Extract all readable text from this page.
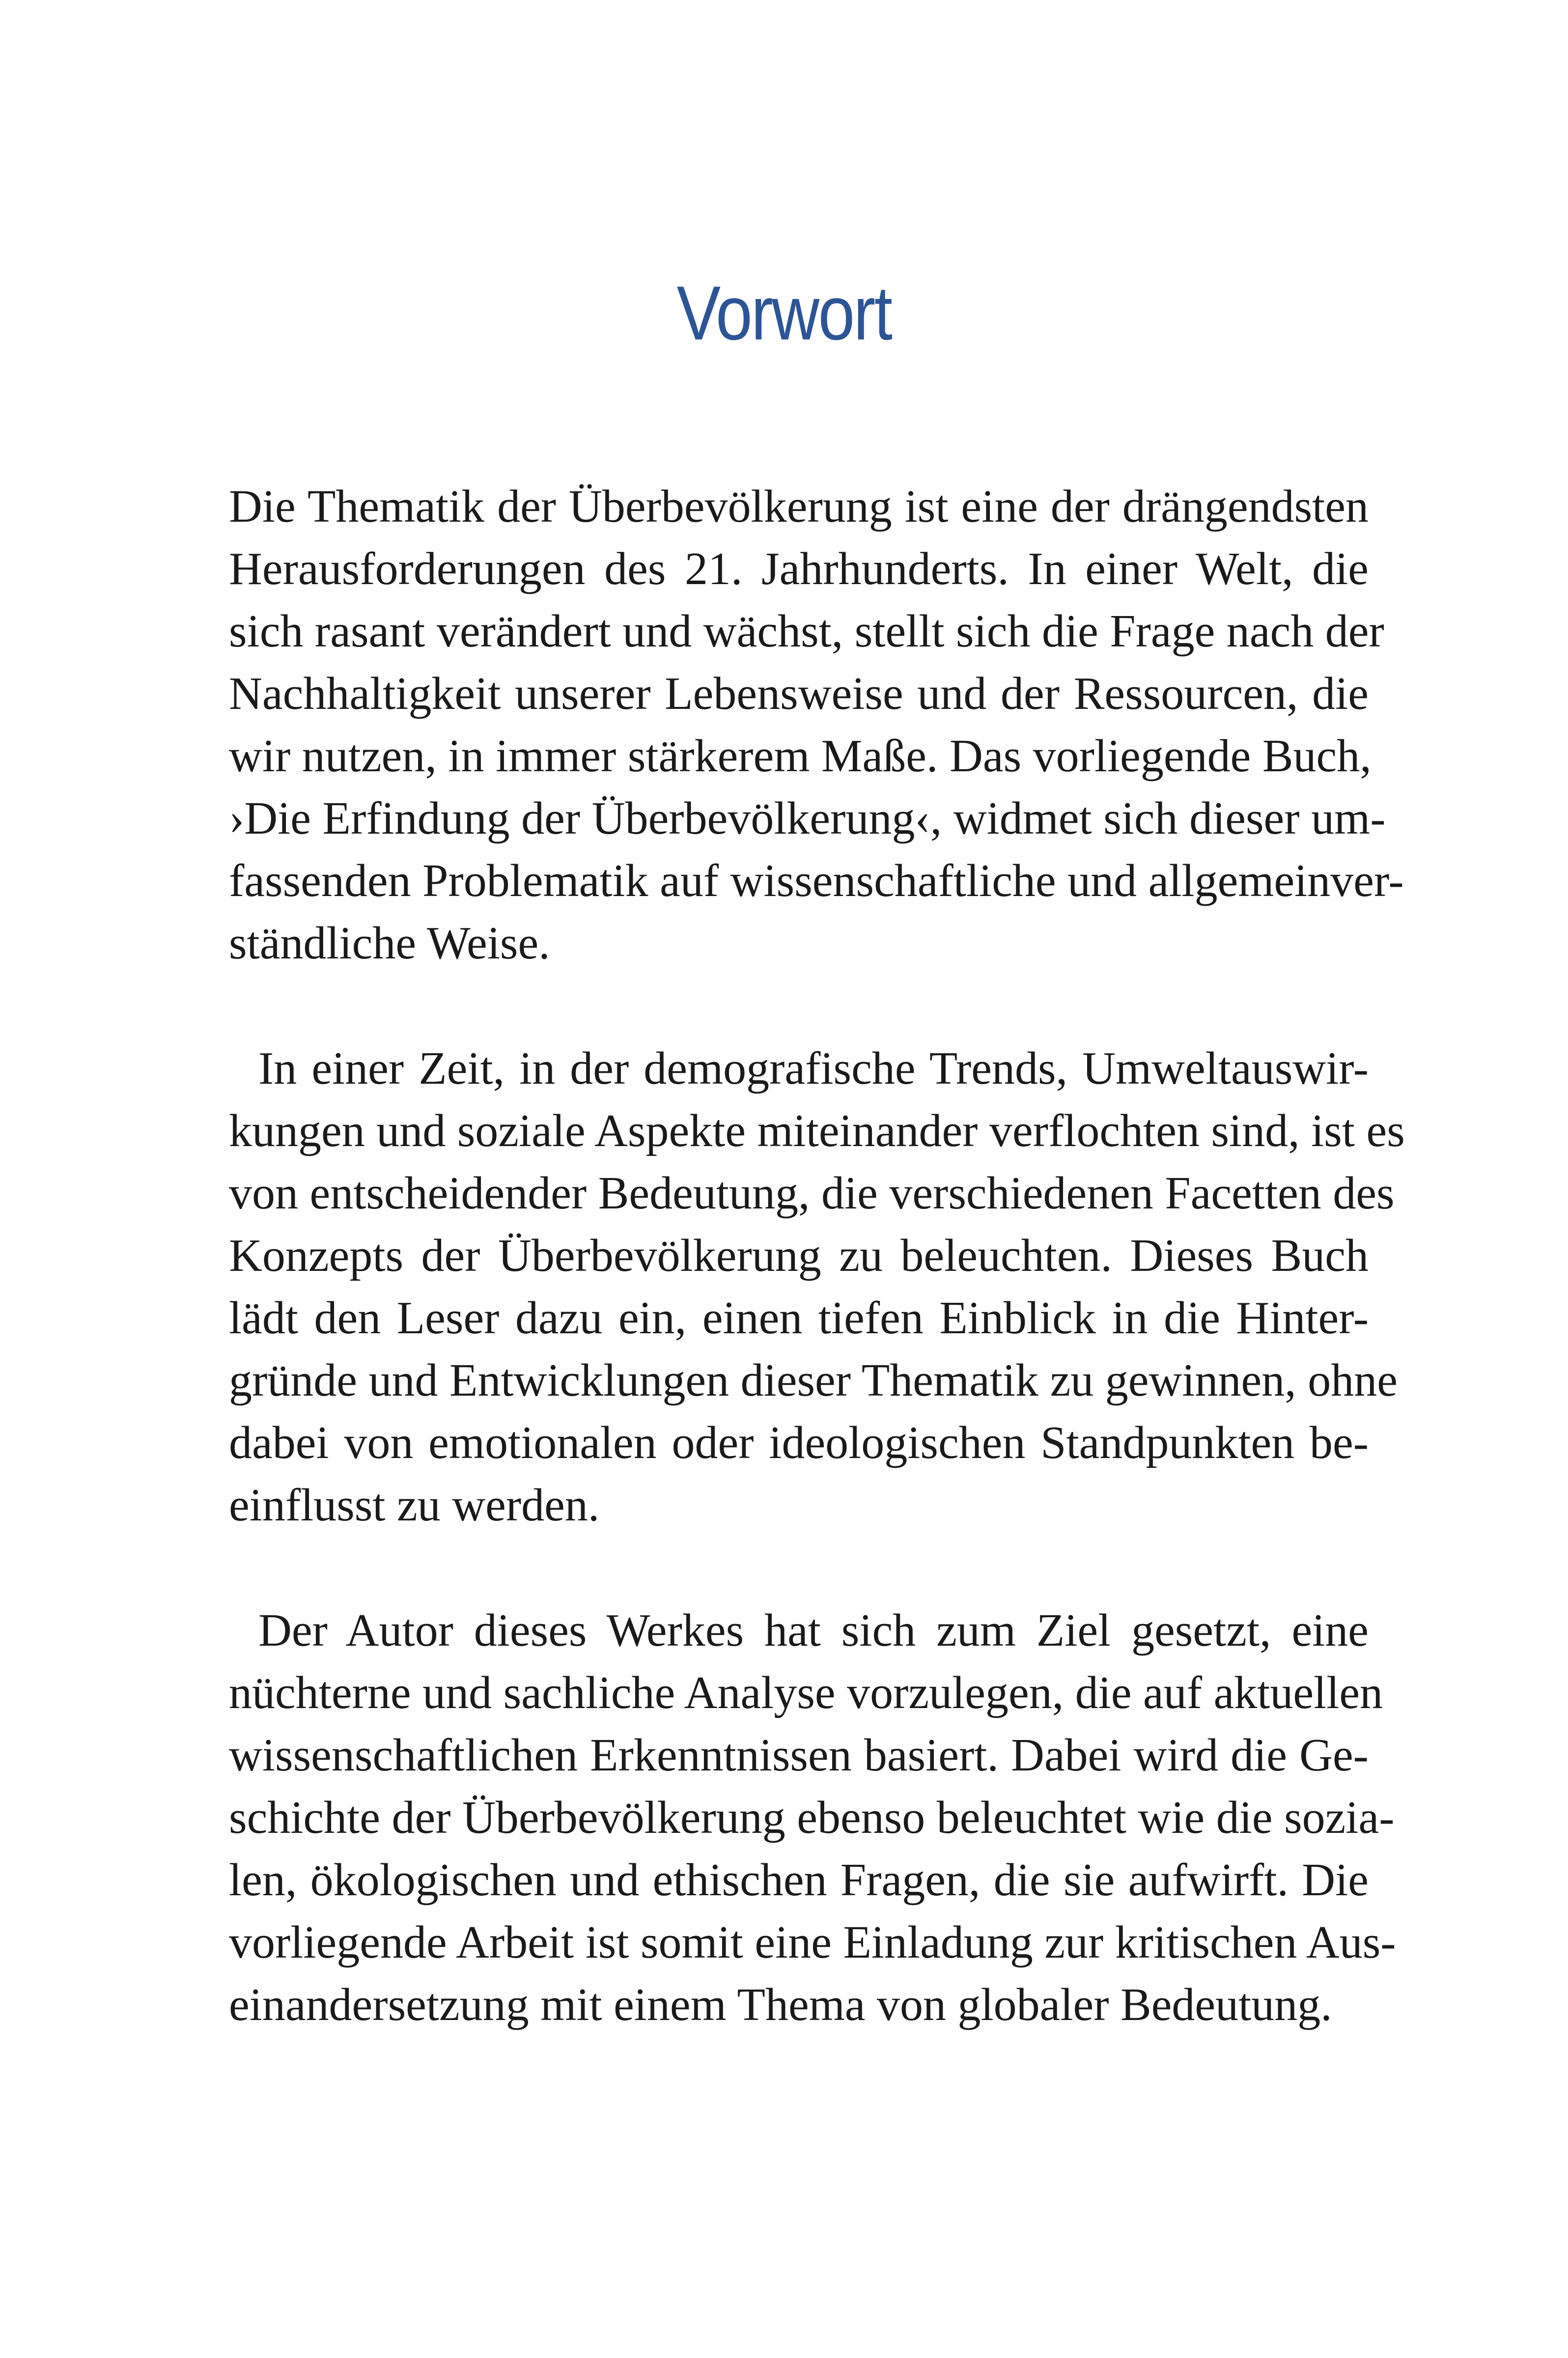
Vorwort
Die Thematik der Überbevölkerung ist eine der drängendsten
Herausforderungen des 21. Jahrhunderts. In einer Welt, die
sich rasant verändert und wächst, stellt sich die Frage nach der
Nachhaltigkeit unserer Lebensweise und der Ressourcen, die
wir nutzen, in immer stärkerem Maße. Das vorliegende Buch,
›Die Erfindung der Überbevölkerung‹, widmet sich dieser um-
fassenden Problematik auf wissenschaftliche und allgemeinver-
ständliche Weise.
In einer Zeit, in der demografische Trends, Umweltauswir-
kungen und soziale Aspekte miteinander verflochten sind, ist es
von entscheidender Bedeutung, die verschiedenen Facetten des
Konzepts der Überbevölkerung zu beleuchten. Dieses Buch
lädt den Leser dazu ein, einen tiefen Einblick in die Hinter-
gründe und Entwicklungen dieser Thematik zu gewinnen, ohne
dabei von emotionalen oder ideologischen Standpunkten be-
einflusst zu werden.
Der Autor dieses Werkes hat sich zum Ziel gesetzt, eine
nüchterne und sachliche Analyse vorzulegen, die auf aktuellen
wissenschaftlichen Erkenntnissen basiert. Dabei wird die Ge-
schichte der Überbevölkerung ebenso beleuchtet wie die sozia-
len, ökologischen und ethischen Fragen, die sie aufwirft. Die
vorliegende Arbeit ist somit eine Einladung zur kritischen Aus-
einandersetzung mit einem Thema von globaler Bedeutung.
